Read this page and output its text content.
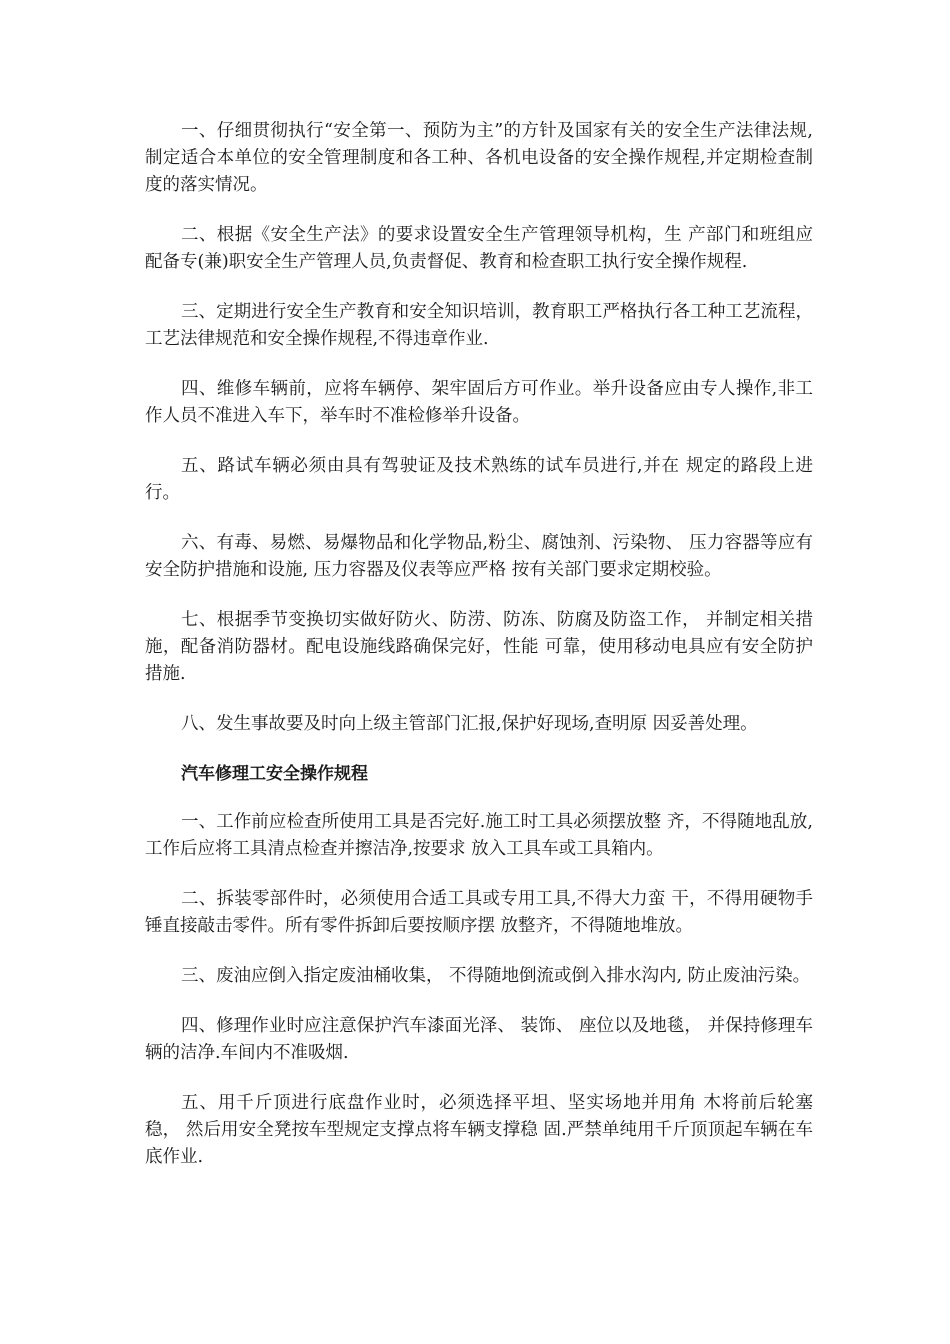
一、仔细贯彻执行“安全第一、预防为主”的方针及国家有关的安全生产法律法规,制定适合本单位的安全管理制度和各工种、各机电设备的安全操作规程,并定期检查制度的落实情况。

二、根据《安全生产法》的要求设置安全生产管理领导机构，生 产部门和班组应配备专(兼)职安全生产管理人员,负责督促、教育和检查职工执行安全操作规程.

三、定期进行安全生产教育和安全知识培训，教育职工严格执行各工种工艺流程，工艺法律规范和安全操作规程,不得违章作业.

四、维修车辆前，应将车辆停、架牢固后方可作业。举升设备应由专人操作,非工作人员不准进入车下，举车时不准检修举升设备。

五、路试车辆必须由具有驾驶证及技术熟练的试车员进行,并在 规定的路段上进行。

六、有毒、易燃、易爆物品和化学物品,粉尘、腐蚀剂、污染物、 压力容器等应有安全防护措施和设施, 压力容器及仪表等应严格 按有关部门要求定期校验。

七、根据季节变换切实做好防火、防涝、防冻、防腐及防盗工作， 并制定相关措施，配备消防器材。配电设施线路确保完好，性能 可靠，使用移动电具应有安全防护措施.

八、发生事故要及时向上级主管部门汇报,保护好现场,查明原 因妥善处理。

汽车修理工安全操作规程

一、工作前应检查所使用工具是否完好.施工时工具必须摆放整 齐，不得随地乱放,工作后应将工具清点检查并擦洁净,按要求 放入工具车或工具箱内。

二、拆装零部件时，必须使用合适工具或专用工具,不得大力蛮 干，不得用硬物手锤直接敲击零件。所有零件拆卸后要按顺序摆 放整齐，不得随地堆放。

三、废油应倒入指定废油桶收集， 不得随地倒流或倒入排水沟内, 防止废油污染。

四、修理作业时应注意保护汽车漆面光泽、 装饰、 座位以及地毯， 并保持修理车辆的洁净.车间内不准吸烟.

五、用千斤顶进行底盘作业时，必须选择平坦、坚实场地并用角 木将前后轮塞稳， 然后用安全凳按车型规定支撑点将车辆支撑稳 固.严禁单纯用千斤顶顶起车辆在车底作业.
